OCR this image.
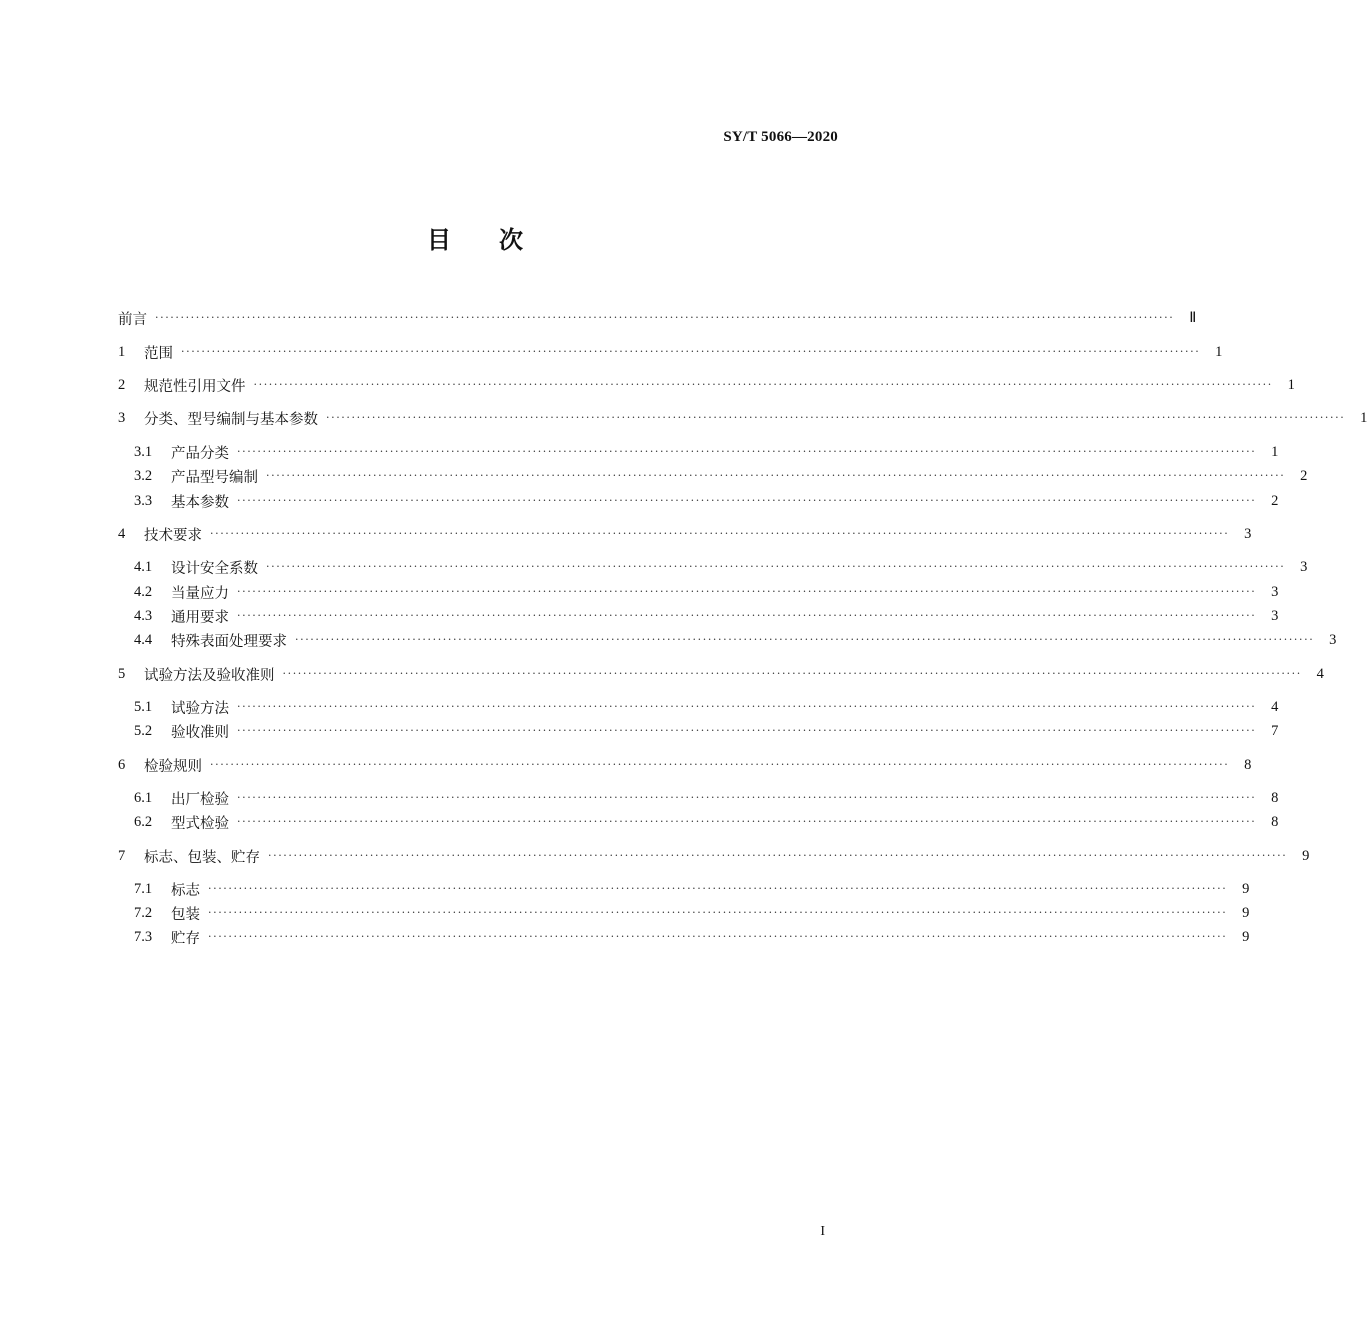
SY/T 5066—2020
目次
前言 ········································································································································································································	Ⅱ
1	范围 ········································································································································································································	1
2	规范性引用文件 ········································································································································································································	1
3	分类、型号编制与基本参数 ········································································································································································································	1
3.1	产品分类 ········································································································································································································	1
3.2	产品型号编制 ········································································································································································································	2
3.3	基本参数 ········································································································································································································	2
4	技术要求 ········································································································································································································	3
4.1	设计安全系数 ········································································································································································································	3
4.2	当量应力 ········································································································································································································	3
4.3	通用要求 ········································································································································································································	3
4.4	特殊表面处理要求 ········································································································································································································	3
5	试验方法及验收准则 ········································································································································································································	4
5.1	试验方法 ········································································································································································································	4
5.2	验收准则 ········································································································································································································	7
6	检验规则 ········································································································································································································	8
6.1	出厂检验 ········································································································································································································	8
6.2	型式检验 ········································································································································································································	8
7	标志、包装、贮存 ········································································································································································································	9
7.1	标志 ········································································································································································································	9
7.2	包装 ········································································································································································································	9
7.3	贮存 ········································································································································································································	9
I
